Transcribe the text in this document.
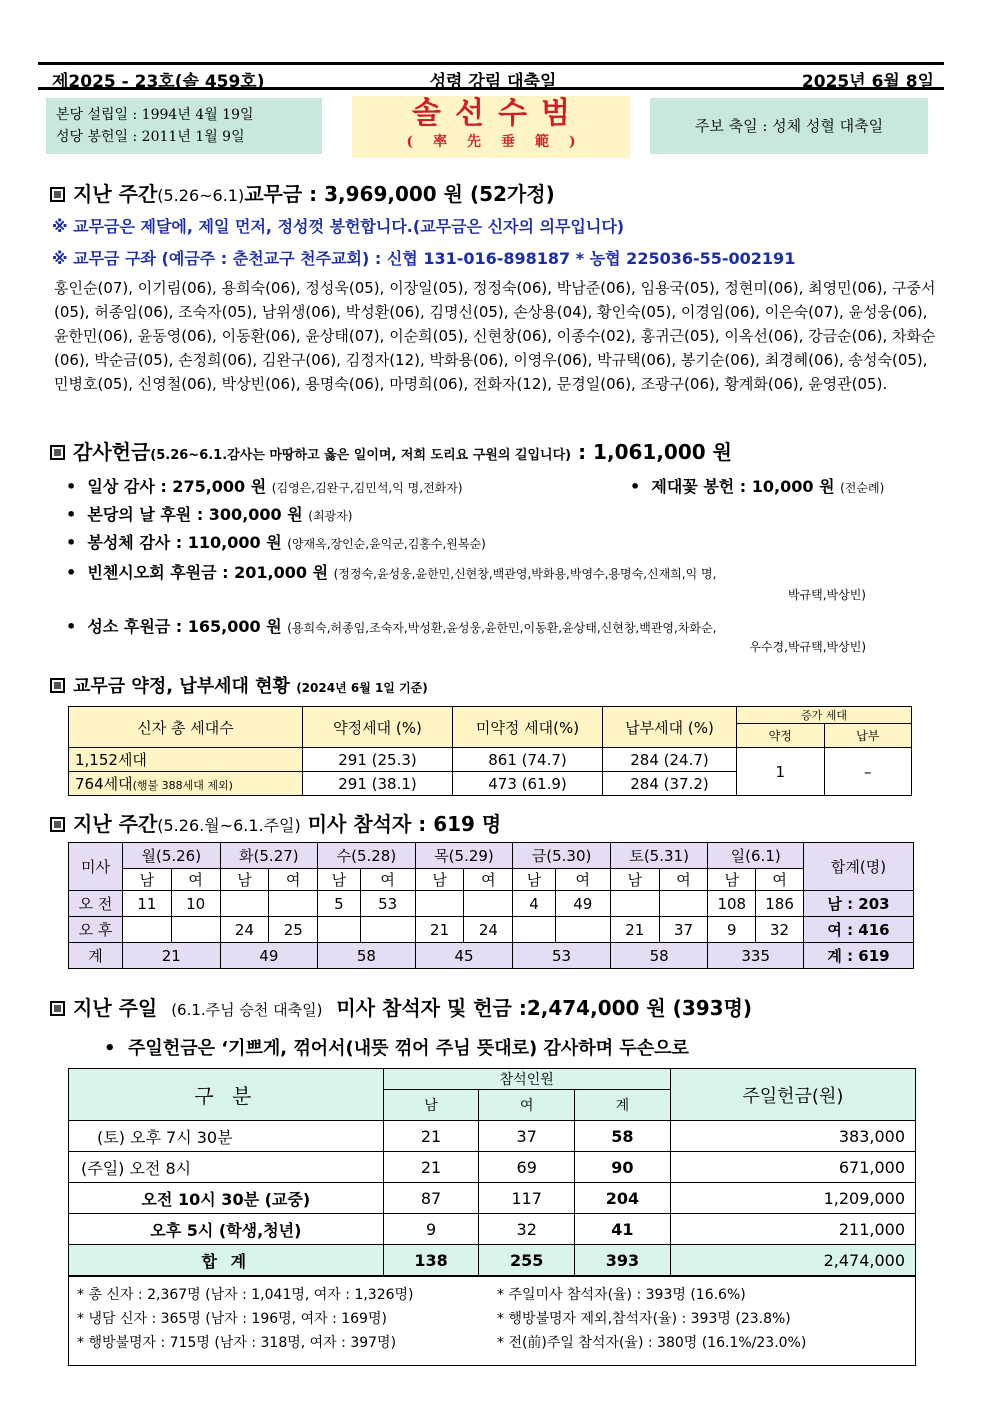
제2025 - 23호(솔 459호)	성령 강림 대축일	2025년 6월 8일
본당 설립일 : 1994년 4월 19일
성당 봉헌일 : 2011년 1월 9일
솔선수범
(率先垂範)
주보 축일 : 성체 성혈 대축일
지난 주간(5.26~6.1)교무금 : 3,969,000 원 (52가정)
※ 교무금은 제달에, 제일 먼저, 정성껏 봉헌합니다.(교무금은 신자의 의무입니다)
※ 교무금 구좌 (예금주 : 춘천교구 천주교회) : 신협 131-016-898187 * 농협 225036-55-002191
홍인순(07), 이기림(06), 용희숙(06), 정성욱(05), 이장일(05), 정정숙(06), 박남준(06), 임용국(05), 정현미(06), 최영민(06), 구중서(05), 허종임(06), 조숙자(05), 남위생(06), 박성환(06), 김명신(05), 손상용(04), 황인숙(05), 이경임(06), 이은숙(07), 윤성웅(06), 윤한민(06), 윤동영(06), 이동환(06), 윤상태(07), 이순희(05), 신현창(06), 이종수(02), 홍귀근(05), 이옥선(06), 강금순(06), 차화순(06), 박순금(05), 손정희(06), 김완구(06), 김정자(12), 박화용(06), 이영우(06), 박규택(06), 봉기순(06), 최경혜(06), 송성숙(05), 민병호(05), 신영철(06), 박상빈(06), 용명숙(06), 마명희(06), 전화자(12), 문경일(06), 조광구(06), 황계화(06), 윤영관(05).
감사헌금(5.26~6.1.감사는 마땅하고 옳은 일이며, 저희 도리요 구원의 길입니다) : 1,061,000 원
•  일상 감사 : 275,000 원 (김영은,김완구,김민석,익 명,전화자)	•  제대꽃 봉헌 : 10,000 원 (전순례)
•  본당의 날 후원 : 300,000 원 (최광자)
•  봉성체 감사 : 110,000 원 (양재옥,장인순,윤익군,김홍수,원복순)
•  빈첸시오회 후원금 : 201,000 원 (정정숙,윤성웅,윤한민,신현창,백관영,박화용,박영수,용명숙,신재희,익 명,
박규택,박상빈)
•  성소 후원금 : 165,000 원 (용희숙,허종임,조숙자,박성환,윤성웅,윤한민,이동환,윤상태,신현창,백관영,차화순,
우수경,박규택,박상빈)
교무금 약정, 납부세대 현황 (2024년 6월 1일 기준)
신자 총 세대수	약정세대 (%)	미약정 세대(%)	납부세대 (%)	증가 세대	
				약정	납부
1,152세대	291 (25.3)	861 (74.7)	284 (24.7)	1	–
764세대(행불 388세대 제외)	291 (38.1)	473 (61.9)	284 (37.2)		
지난 주간(5.26.월~6.1.주일) 미사 참석자 : 619 명
미사	월(5.26)		화(5.27)		수(5.28)		목(5.29)		금(5.30)		토(5.31)		일(6.1)		합계(명)
	남	여	남	여	남	여	남	여	남	여	남	여	남	여	
오 전	11	10			5	53			4	49			108	186	남 : 203
오 후			24	25			21	24			21	37	9	32	여 : 416
계	21		49		58		45		53		58		335		계 : 619
지난 주일 (6.1.주님 승천 대축일) 미사 참석자 및 헌금 :2,474,000 원 (393명)
•  주일헌금은 ‘기쁘게, 꺾어서(내뜻 꺾어 주님 뜻대로) 감사하며 두손으로
구 분	참석인원			주일헌금(원)
	남	여	계	
(토) 오후 7시 30분	21	37	58	383,000
(주일) 오전 8시	21	69	90	671,000
오전 10시 30분 (교중)	87	117	204	1,209,000
오후 5시 (학생,청년)	9	32	41	211,000
합 계	138	255	393	2,474,000
* 총 신자 : 2,367명 (남자 : 1,041명, 여자 : 1,326명)	* 주일미사 참석자(율) : 393명 (16.6%)
* 냉담 신자 : 365명 (남자 : 196명, 여자 : 169명)	* 행방불명자 제외,참석자(율) : 393명 (23.8%)
* 행방불명자 : 715명 (남자 : 318명, 여자 : 397명)	* 전(前)주일 참석자(율) : 380명 (16.1%/23.0%)
